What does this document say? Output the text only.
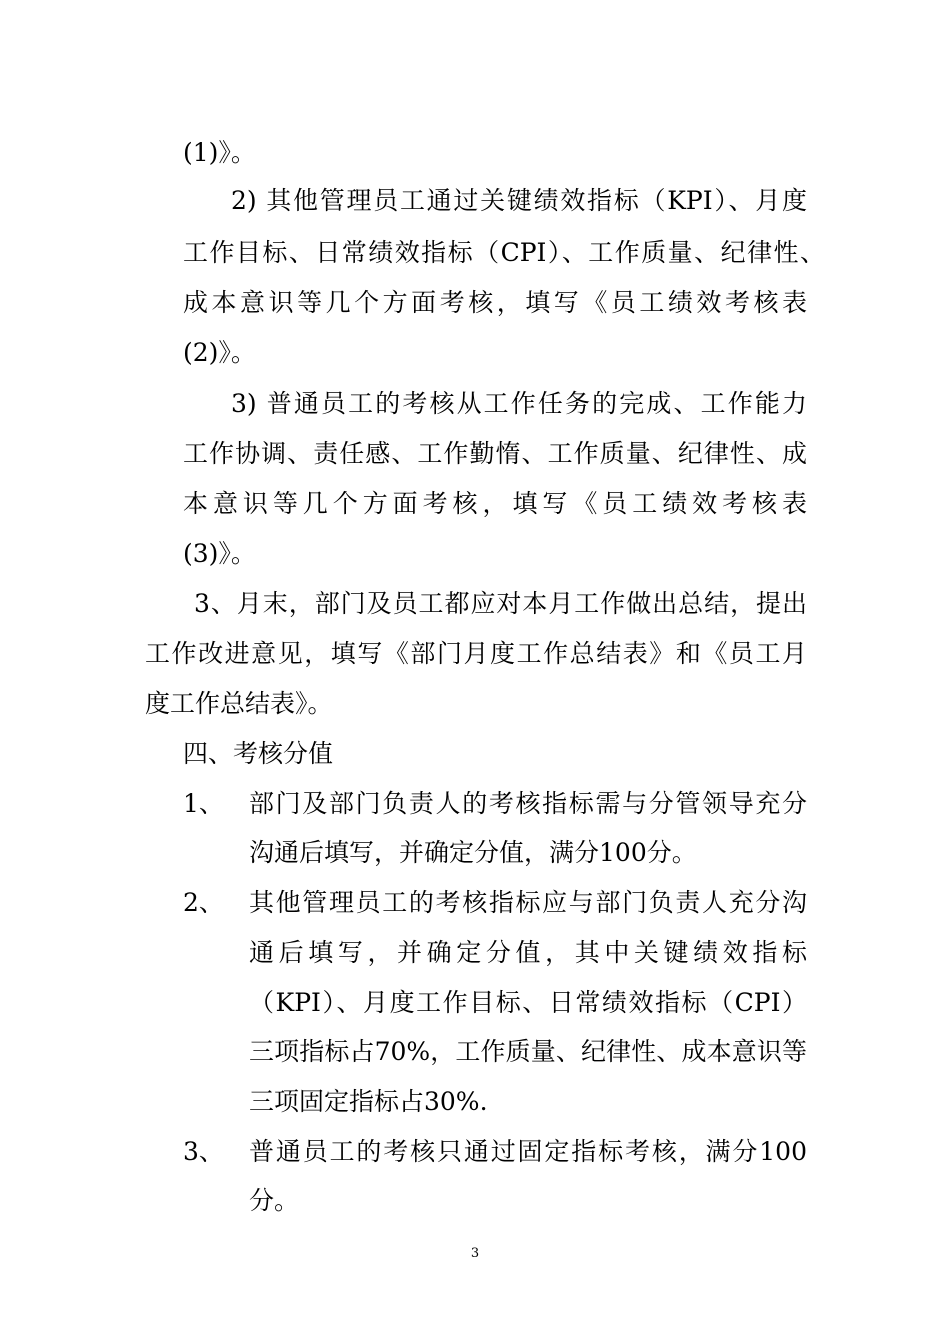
(1)》。
2) 其他管理员工通过关键绩效指标（KPI）、月度
工作目标、日常绩效指标（CPI）、工作质量、纪律性、
成本意识等几个方面考核，填写《员工绩效考核表
(2)》。
3) 普通员工的考核从工作任务的完成、工作能力
工作协调、责任感、工作勤惰、工作质量、纪律性、成
本意识等几个方面考核，填写《员工绩效考核表
(3)》。
3、月末，部门及员工都应对本月工作做出总结，提出
工作改进意见，填写《部门月度工作总结表》和《员工月
度工作总结表》。
四、考核分值
1、 部门及部门负责人的考核指标需与分管领导充分
沟通后填写，并确定分值，满分100分。
2、 其他管理员工的考核指标应与部门负责人充分沟
通后填写，并确定分值，其中关键绩效指标
（KPI）、月度工作目标、日常绩效指标（CPI）
三项指标占70%，工作质量、纪律性、成本意识等
三项固定指标占30%.
3、 普通员工的考核只通过固定指标考核，满分100
分。
3
